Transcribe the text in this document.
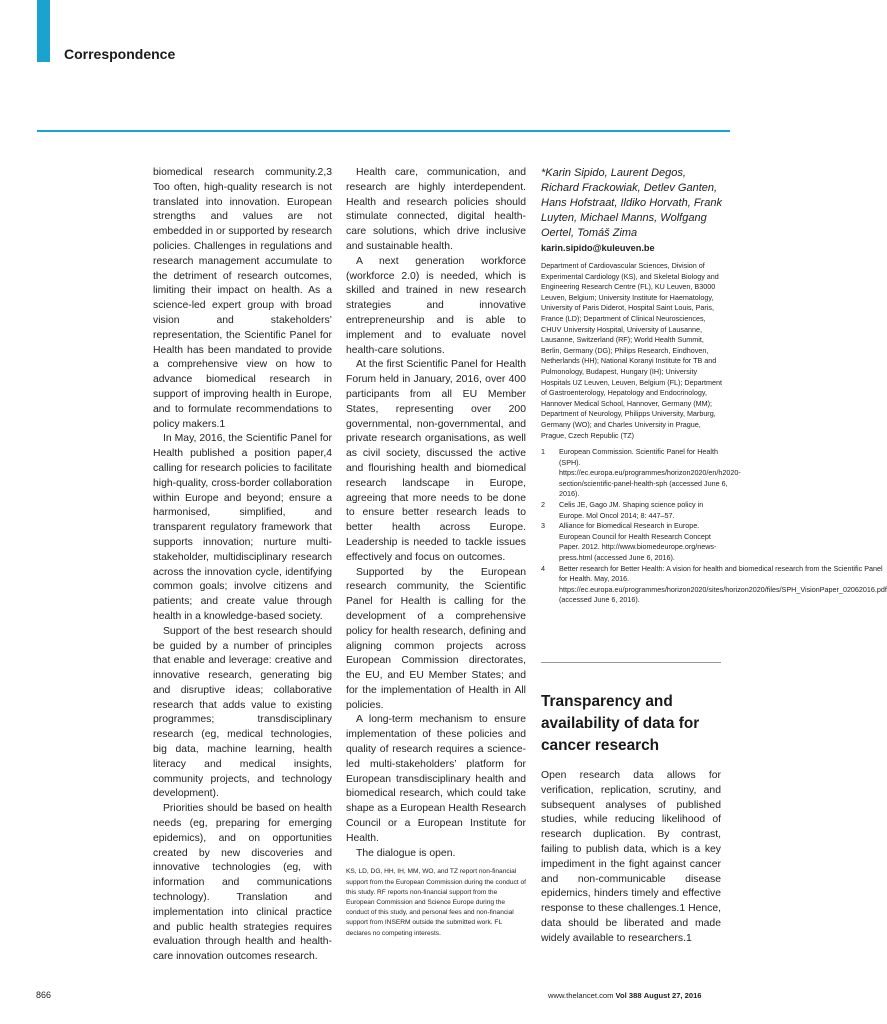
Correspondence

biomedical research community.2,3 Too often, high-quality research is not translated into innovation. European strengths and values are not embedded in or supported by research policies. Challenges in regulations and research management accumulate to the detriment of research outcomes, limiting their impact on health. As a science-led expert group with broad vision and stakeholders’ representation, the Scientific Panel for Health has been mandated to provide a comprehensive view on how to advance biomedical research in support of improving health in Europe, and to formulate recommendations to policy makers.1

In May, 2016, the Scientific Panel for Health published a position paper,4 calling for research policies to facilitate high-quality, cross-border collaboration within Europe and beyond; ensure a harmonised, simplified, and transparent regulatory framework that supports innovation; nurture multi-stakeholder, multidisciplinary research across the innovation cycle, identifying common goals; involve citizens and patients; and create value through health in a knowledge-based society.

Support of the best research should be guided by a number of principles that enable and leverage: creative and innovative research, generating big and disruptive ideas; collaborative research that adds value to existing programmes; transdisciplinary research (eg, medical technologies, big data, machine learning, health literacy and medical insights, community projects, and technology development).

Priorities should be based on health needs (eg, preparing for emerging epidemics), and on opportunities created by new discoveries and innovative technologies (eg, with information and communications technology). Translation and implementation into clinical practice and public health strategies requires evaluation through health and health-care innovation outcomes research.

Health care, communication, and research are highly interdependent. Health and research policies should stimulate connected, digital health-care solutions, which drive inclusive and sustainable health.

A next generation workforce (workforce 2.0) is needed, which is skilled and trained in new research strategies and innovative entrepreneurship and is able to implement and to evaluate novel health-care solutions.

At the first Scientific Panel for Health Forum held in January, 2016, over 400 participants from all EU Member States, representing over 200 governmental, non-governmental, and private research organisations, as well as civil society, discussed the active and flourishing health and biomedical research landscape in Europe, agreeing that more needs to be done to ensure better research leads to better health across Europe. Leadership is needed to tackle issues effectively and focus on outcomes.

Supported by the European research community, the Scientific Panel for Health is calling for the development of a comprehensive policy for health research, defining and aligning common projects across European Commission directorates, the EU, and EU Member States; and for the implementation of Health in All policies.

A long-term mechanism to ensure implementation of these policies and quality of research requires a science-led multi-stakeholders’ platform for European transdisciplinary health and biomedical research, which could take shape as a European Health Research Council or a European Institute for Health.

The dialogue is open.

KS, LD, DG, HH, IH, MM, WO, and TZ report non-financial support from the European Commission during the conduct of this study. RF reports non-financial support from the European Commission and Science Europe during the conduct of this study, and personal fees and non-financial support from INSERM outside the submitted work. FL declares no competing interests.
*Karin Sipido, Laurent Degos, Richard Frackowiak, Detlev Ganten, Hans Hofstraat, Ildiko Horvath, Frank Luyten, Michael Manns, Wolfgang Oertel, Tomáš Zima
karin.sipido@kuleuven.be
Department of Cardiovascular Sciences, Division of Experimental Cardiology (KS), and Skeletal Biology and Engineering Research Centre (FL), KU Leuven, B3000 Leuven, Belgium; University Institute for Haematology, University of Paris Diderot, Hospital Saint Louis, Paris, France (LD); Department of Clinical Neurosciences, CHUV University Hospital, University of Lausanne, Lausanne, Switzerland (RF); World Health Summit, Berlin, Germany (DG); Philips Research, Eindhoven, Netherlands (HH); National Koranyi Institute for TB and Pulmonology, Budapest, Hungary (IH); University Hospitals UZ Leuven, Leuven, Belgium (FL); Department of Gastroenterology, Hepatology and Endocrinology, Hannover Medical School, Hannover, Germany (MM); Department of Neurology, Philipps University, Marburg, Germany (WO); and Charles University in Prague, Prague, Czech Republic (TZ)
1	European Commission. Scientific Panel for Health (SPH). https://ec.europa.eu/programmes/horizon2020/en/h2020-section/scientific-panel-health-sph (accessed June 6, 2016).
2	Celis JE, Gago JM. Shaping science policy in Europe. Mol Oncol 2014; 8: 447–57.
3	Alliance for Biomedical Research in Europe. European Council for Health Research Concept Paper. 2012. http://www.biomedeurope.org/news-press.html (accessed June 6, 2016).
4	Better research for Better Health: A vision for health and biomedical research from the Scientific Panel for Health. May, 2016. https://ec.europa.eu/programmes/horizon2020/sites/horizon2020/files/SPH_VisionPaper_02062016.pdf (accessed June 6, 2016).
Transparency and availability of data for cancer research

Open research data allows for verification, replication, scrutiny, and subsequent analyses of published studies, while reducing likelihood of research duplication. By contrast, failing to publish data, which is a key impediment in the fight against cancer and non-communicable disease epidemics, hinders timely and effective response to these challenges.1 Hence, data should be liberated and made widely available to researchers.1

866	www.thelancet.com Vol 388 August 27, 2016
